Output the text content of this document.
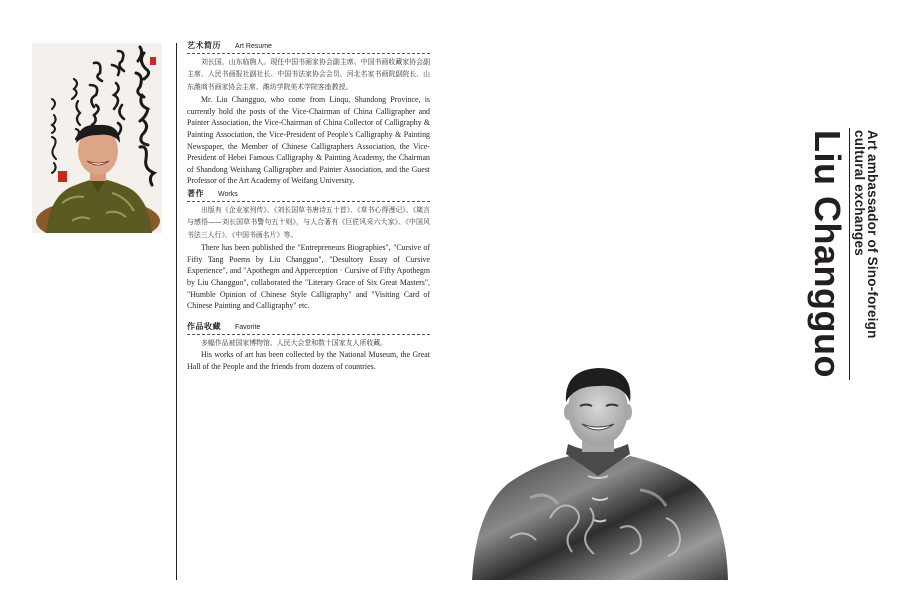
艺术简历 Art Resume

刘长国，山东临朐人。现任中国书画家协会副主席、中国书画收藏家协会副主席、人民书画报社副社长、中国书法家协会会员、河北名家书画院副院长、山东潍商书画家协会主席、潍坊学院美术学院客座教授。

Mr. Liu Changguo, who come from Linqu, Shandong Province, is currently hold the posts of the Vice-Chairman of China Calligrapher and Painter Association, the Vice-Chairman of China Collector of Calligraphy & Painting Association, the Vice-President of People's Calligraphy & Painting Newspaper, the Member of Chinese Calligraphers Association, the Vice-President of Hebei Famous Calligraphy & Painting Academy, the Chairman of Shandong Weishang Calligrapher and Painter Association, and the Guest Professor of the Art Academy of Weifang University.

著作 Works

出版有《企业家列传》、《刘长国草书唐诗五十首》、《草书心得漫记》、《箴言与感悟——刘长国草书警句五十则》，与人合著有《巨匠风采六大家》、《中国风书法三人行》、《中国书画名片》等。

There has been published the "Entrepreneurs Biographies", "Cursive of Fifty Tang Poems by Liu Changguo", "Desultory Essay of Cursive Experience", and "Apothegm and Apperception · Cursive of Fifty Apothegm by Liu Changguo", collaborated the "Literary Grace of Six Great Masters", "Humble Opinion of Chinese Style Calligraphy" and "Visiting Card of Chinese Painting and Calligraphy" etc.

作品收藏 Favorite

多幅作品被国家博物馆、人民大会堂和数十国家友人所收藏。

His works of art has been collected by the National Museum, the Great Hall of the People and the friends from dozens of countries.

Art ambassador of Sino-foreign
cultural exchanges
Liu Changguo
